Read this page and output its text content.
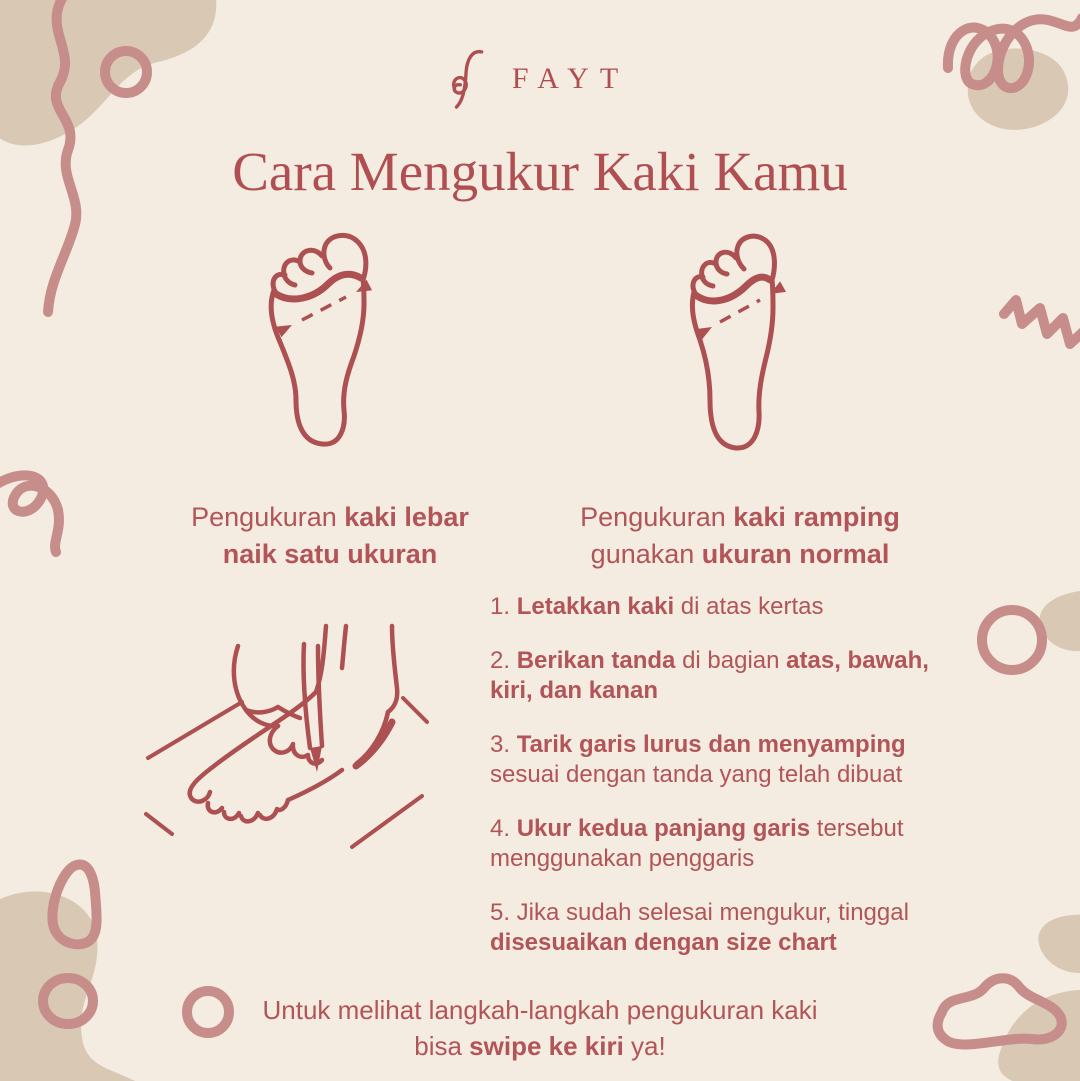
FAYT
Cara Mengukur Kaki Kamu

Pengukuran kaki lebar
naik satu ukuran

Pengukuran kaki ramping
gunakan ukuran normal

1. Letakkan kaki di atas kertas

2. Berikan tanda di bagian atas, bawah, kiri, dan kanan

3. Tarik garis lurus dan menyamping sesuai dengan tanda yang telah dibuat

4. Ukur kedua panjang garis tersebut menggunakan penggaris

5. Jika sudah selesai mengukur, tinggal disesuaikan dengan size chart

Untuk melihat langkah-langkah pengukuran kaki
bisa swipe ke kiri ya!
